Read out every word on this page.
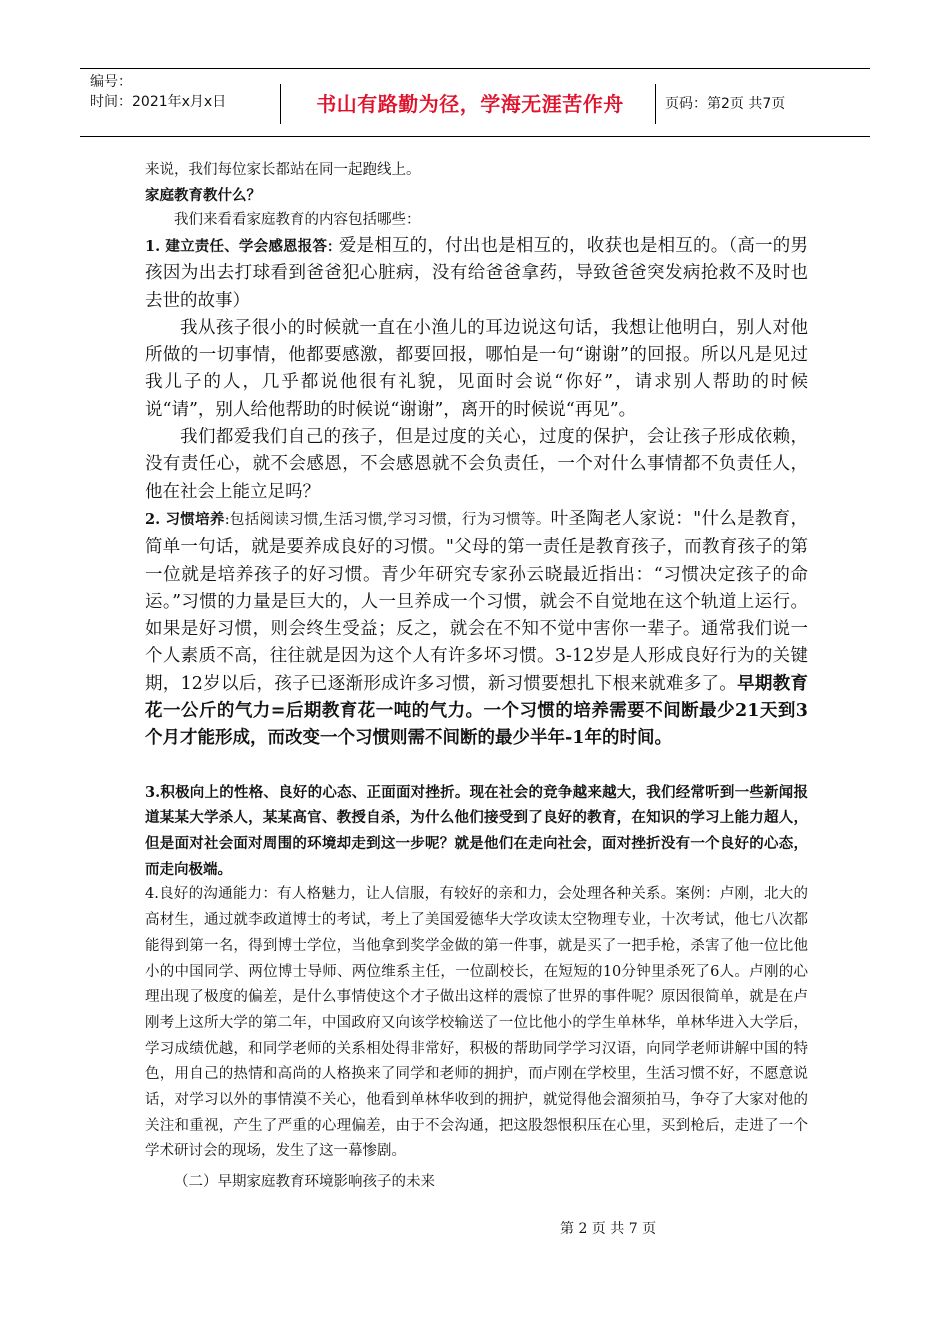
编号：
时间：2021年x月x日	书山有路勤为径，学海无涯苦作舟	页码：第2页 共7页

来说，我们每位家长都站在同一起跑线上。

家庭教育教什么？

我们来看看家庭教育的内容包括哪些：

1. 建立责任、学会感恩报答: 爱是相互的，付出也是相互的，收获也是相互的。（高一的男孩因为出去打球看到爸爸犯心脏病，没有给爸爸拿药，导致爸爸突发病抢救不及时也去世的故事）

我从孩子很小的时候就一直在小渔儿的耳边说这句话，我想让他明白，别人对他所做的一切事情，他都要感激，都要回报，哪怕是一句“谢谢”的回报。所以凡是见过我儿子的人，几乎都说他很有礼貌，见面时会说“你好”，请求别人帮助的时候说“请”，别人给他帮助的时候说“谢谢”，离开的时候说“再见”。

我们都爱我们自己的孩子，但是过度的关心，过度的保护，会让孩子形成依赖，没有责任心，就不会感恩，不会感恩就不会负责任，一个对什么事情都不负责任人，他在社会上能立足吗？

2. 习惯培养:包括阅读习惯,生活习惯,学习习惯，行为习惯等。叶圣陶老人家说："什么是教育，简单一句话，就是要养成良好的习惯。"父母的第一责任是教育孩子，而教育孩子的第一位就是培养孩子的好习惯。青少年研究专家孙云晓最近指出：“习惯决定孩子的命运。”习惯的力量是巨大的，人一旦养成一个习惯，就会不自觉地在这个轨道上运行。如果是好习惯，则会终生受益；反之，就会在不知不觉中害你一辈子。通常我们说一个人素质不高，往往就是因为这个人有许多坏习惯。3-12岁是人形成良好行为的关键期，12岁以后，孩子已逐渐形成许多习惯，新习惯要想扎下根来就难多了。早期教育花一公斤的气力=后期教育花一吨的气力。一个习惯的培养需要不间断最少21天到3个月才能形成，而改变一个习惯则需不间断的最少半年-1年的时间。

3.积极向上的性格、良好的心态、正面面对挫折。现在社会的竞争越来越大，我们经常听到一些新闻报道某某大学杀人，某某高官、教授自杀，为什么他们接受到了良好的教育，在知识的学习上能力超人，但是面对社会面对周围的环境却走到这一步呢？就是他们在走向社会，面对挫折没有一个良好的心态，而走向极端。

4.良好的沟通能力：有人格魅力，让人信服，有较好的亲和力，会处理各种关系。案例：卢刚，北大的高材生，通过就李政道博士的考试，考上了美国爱德华大学攻读太空物理专业，十次考试，他七八次都能得到第一名，得到博士学位，当他拿到奖学金做的第一件事，就是买了一把手枪，杀害了他一位比他小的中国同学、两位博士导师、两位维系主任，一位副校长，在短短的10分钟里杀死了6人。卢刚的心理出现了极度的偏差，是什么事情使这个才子做出这样的震惊了世界的事件呢？原因很简单，就是在卢刚考上这所大学的第二年，中国政府又向该学校输送了一位比他小的学生单林华，单林华进入大学后，学习成绩优越，和同学老师的关系相处得非常好，积极的帮助同学学习汉语，向同学老师讲解中国的特色，用自己的热情和高尚的人格换来了同学和老师的拥护，而卢刚在学校里，生活习惯不好，不愿意说话，对学习以外的事情漠不关心，他看到单林华收到的拥护，就觉得他会溜须拍马，争夺了大家对他的关注和重视，产生了严重的心理偏差，由于不会沟通，把这股怨恨积压在心里，买到枪后，走进了一个学术研讨会的现场，发生了这一幕惨剧。

（二）早期家庭教育环境影响孩子的未来

第 2 页 共 7 页
